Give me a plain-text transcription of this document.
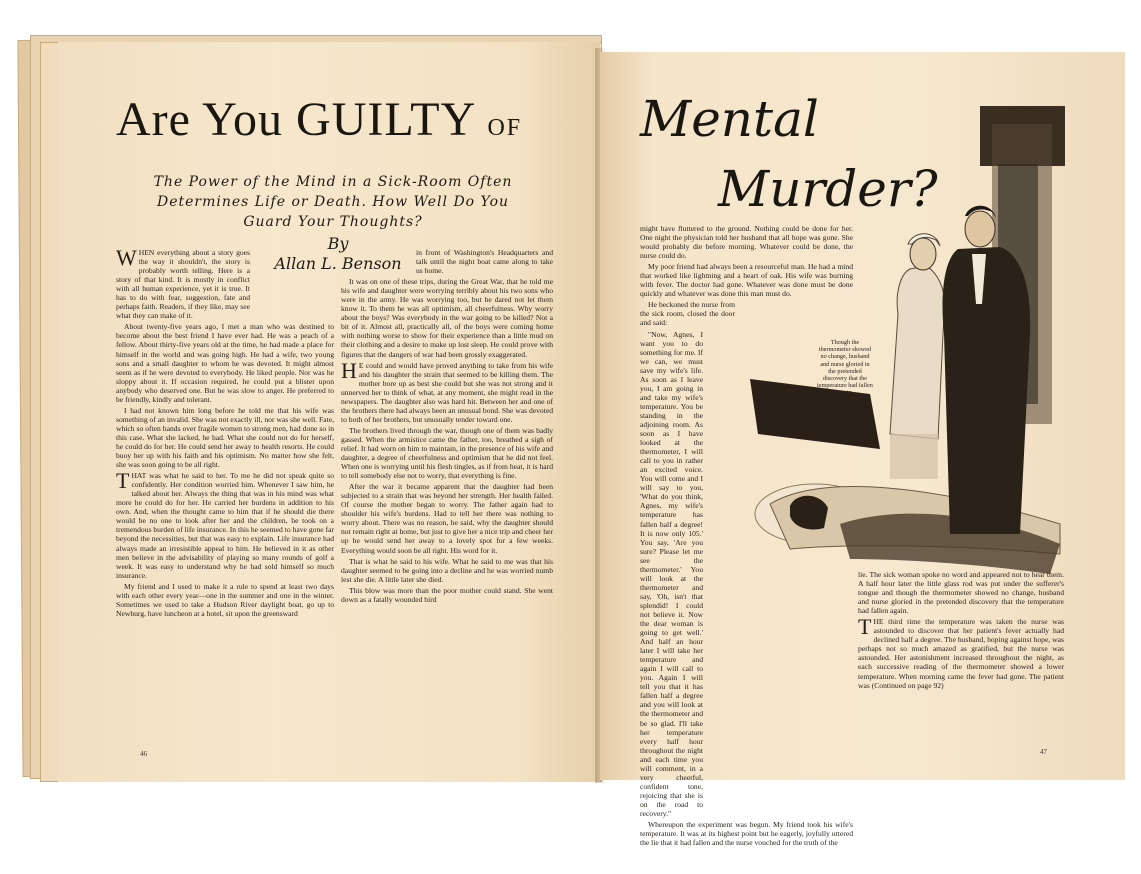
Are You GUILTY OF
The Power of the Mind in a Sick-Room Often Determines Life or Death. How Well Do You Guard Your Thoughts?
By
Allan L. Benson

WHEN everything about a story goes the way it shouldn't, the story is probably worth telling. Here is a story of that kind. It is mostly in conflict with all human experience, yet it is true. It has to do with fear, suggestion, fate and perhaps faith. Readers, if they like, may see what they can make of it.

About twenty-five years ago, I met a man who was destined to become about the best friend I have ever had. He was a peach of a fellow. About thirty-five years old at the time, he had made a place for himself in the world and was going high. He had a wife, two young sons and a small daughter to whom he was devoted. It might almost seem as if he were devoted to everybody. He liked people. Nor was he sloppy about it. If occasion required, he could put a blister upon anybody who deserved one. But he was slow to anger. He preferred to be friendly, kindly and tolerant.

I had not known him long before he told me that his wife was something of an invalid. She was not exactly ill, nor was she well. Fate, which so often hands over fragile women to strong men, had done so in this case. What she lacked, he had. What she could not do for herself, he could do for her. He could send her away to health resorts. He could buoy her up with his faith and his optimism. No matter how she felt, she was soon going to be all right.

THAT was what he said to her. To me he did not speak quite so confidently. Her condition worried him. Whenever I saw him, he talked about her. Always the thing that was in his mind was what more he could do for her. He carried her burdens in addition to his own. And, when the thought came to him that if he should die there would be no one to look after her and the children, he took on a tremendous burden of life insurance. In this he seemed to have gone far beyond the necessities, but that was easy to explain. Life insurance had always made an irresistible appeal to him. He believed in it as other men believe in the advisability of playing so many rounds of golf a week. It was easy to understand why he had sold himself so much insurance.

My friend and I used to make it a rule to spend at least two days with each other every year—one in the summer and one in the winter. Sometimes we used to take a Hudson River daylight boat, go up to Newburg, have luncheon at a hotel, sit upon the greensward

in front of Washington's Headquarters and talk until the night boat came along to take us home.

It was on one of these trips, during the Great War, that he told me his wife and daughter were worrying terribly about his two sons who were in the army. He was worrying too, but he dared not let them know it. To them he was all optimism, all cheerfulness. Why worry about the boys? Was everybody in the war going to be killed? Not a bit of it. Almost all, practically all, of the boys were coming home with nothing worse to show for their experience than a little mud on their clothing and a desire to make up lost sleep. He could prove with figures that the dangers of war had been grossly exaggerated.

H E could and would have proved anything to take from his wife and his daughter the strain that seemed to be killing them. The mother bore up as best she could but she was not strong and it unnerved her to think of what, at any moment, she might read in the newspapers. The daughter also was hard hit. Between her and one of the brothers there had always been an unusual bond. She was devoted to both of her brothers, but unusually tender toward one.

The brothers lived through the war, though one of them was badly gassed. When the armistice came the father, too, breathed a sigh of relief. It had worn on him to maintain, in the presence of his wife and daughter, a degree of cheerfulness and optimism that he did not feel. When one is worrying until his flesh tingles, as if from heat, it is hard to tell somebody else not to worry, that everything is fine.

After the war it became apparent that the daughter had been subjected to a strain that was beyond her strength. Her health failed. Of course the mother began to worry. The father again had to shoulder his wife's burdens. Had to tell her there was nothing to worry about. There was no reason, he said, why the daughter should not remain right at home, but just to give her a nice trip and cheer her up he would send her away to a lovely spot for a few weeks. Everything would soon be all right. His word for it.

That is what he said to his wife. What he said to me was that his daughter seemed to be going into a decline and he was worried numb lest she die. A little later she died.

This blow was more than the poor mother could stand. She went down as a fatally wounded bird

46
Mental
Murder?
Though the thermometer showed no change, husband and nurse gloried in the pretended discovery that the temperature had fallen again

might have fluttered to the ground. Nothing could be done for her. One night the physician told her husband that all hope was gone. She would probably die before morning. Whatever could be done, the nurse could do.

My poor friend had always been a resourceful man. He had a mind that worked like lightning and a heart of oak. His wife was burning with fever. The doctor had gone. Whatever was done must be done quickly and whatever was done this man must do.

He beckoned the nurse from the sick room, closed the door and said:

"Now, Agnes, I want you to do something for me. If we can, we must save my wife's life. As soon as I leave you, I am going in and take my wife's temperature. You be standing in the adjoining room. As soon as I have looked at the thermometer, I will call to you in rather an excited voice. You will come and I will say to you, 'What do you think, Agnes, my wife's temperature has fallen half a degree! It is now only 105.' You say, 'Are you sure? Please let me see the thermometer.' You will look at the thermometer and say, 'Oh, isn't that splendid! I could not believe it. Now the dear woman is going to get well.' And half an hour later I will take her temperature and again I will call to you. Again I will tell you that it has fallen half a degree and you will look at the thermometer and be so glad. I'll take her temperature every half hour throughout the night and each time you will comment, in a very cheerful, confident tone, rejoicing that she is on the road to recovery."

Whereupon the experiment was begun. My friend took his wife's temperature. It was at its highest point but he eagerly, joyfully uttered the lie that it had fallen and the nurse vouched for the truth of the

lie. The sick woman spoke no word and appeared not to hear them. A half hour later the little glass rod was put under the sufferer's tongue and though the thermometer showed no change, husband and nurse gloried in the pretended discovery that the temperature had fallen again.

THE third time the temperature was taken the nurse was astounded to discover that her patient's fever actually had declined half a degree. The husband, hoping against hope, was perhaps not so much amazed as gratified, but the nurse was astounded. Her astonishment increased throughout the night, as each successive reading of the thermometer showed a lower temperature. When morning came the fever had gone. The patient was (Continued on page 92)

47
